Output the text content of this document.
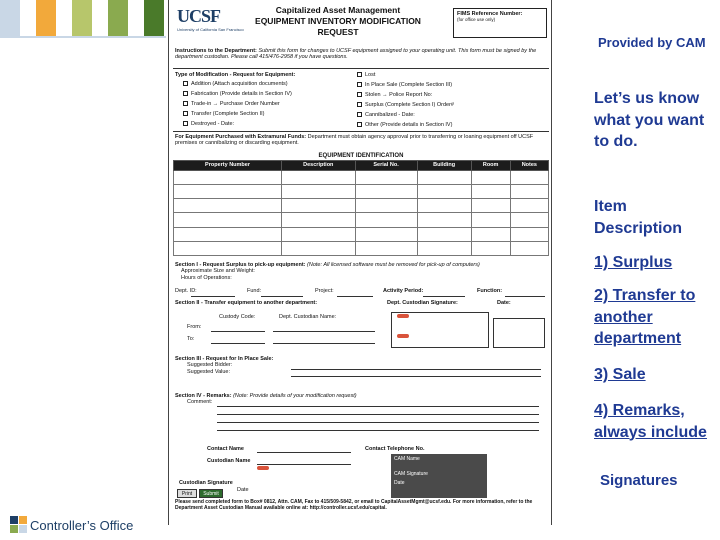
UCSF
University of California San Francisco
Capitalized Asset Management
EQUIPMENT INVENTORY MODIFICATION
REQUEST
FIMS Reference Number:
(for office use only)
Instructions to the Department: Submit this form for changes to UCSF equipment assigned to your operating unit. This form must be signed by the department custodian. Please call 415/476-2958 if you have questions.
Type of Modification - Request for Equipment:
Addition (Attach acquisition documents)
Fabrication (Provide details in Section IV)
Trade-in → Purchase Order Number
Transfer (Complete Section II)
Destroyed - Date:
Lost
In Place Sale (Complete Section III)
Stolen → Police Report No:
Surplus (Complete Section I) Order#
Cannibalized - Date:
Other (Provide details in Section IV)
For Equipment Purchased with Extramural Funds: Department must obtain agency approval prior to transferring or loaning equipment off UCSF premises or cannibalizing or discarding equipment.
EQUIPMENT IDENTIFICATION
Property Number	Description	Serial No.	Building	Room	Notes

Section I - Request Surplus to pick-up equipment: (Note: All licensed software must be removed for pick-up of computers)
Approximate Size and Weight:
Hours of Operations:
Dept. ID:	Fund:	Project:	Activity Period:	Function:
Section II - Transfer equipment to another department:	Dept. Custodian Signature:	Date:
Custody Code:	Dept. Custodian Name:
From:
To:
Section III - Request for In Place Sale:
Suggested Bidder:
Suggested Value:
Section IV - Remarks: (Note: Provide details of your modification request)
Comment:
Contact Name
Custodian Name
Contact Telephone No.
CAM Name
CAM Signature
Date
Custodian Signature
Date
Print	Submit
Please send completed form to Box# 0812, Attn. CAM, Fax to 415/509-5842, or email to CapitalAssetMgmt@ucsf.edu. For more information, refer to the Department Asset Custodian Manual available online at: http://controller.ucsf.edu/capital.
Provided by CAM
Let’s us know what you want to do.
Item Description
1) Surplus
2) Transfer to another department
3) Sale
4) Remarks, always include
Signatures
Controller’s Office
